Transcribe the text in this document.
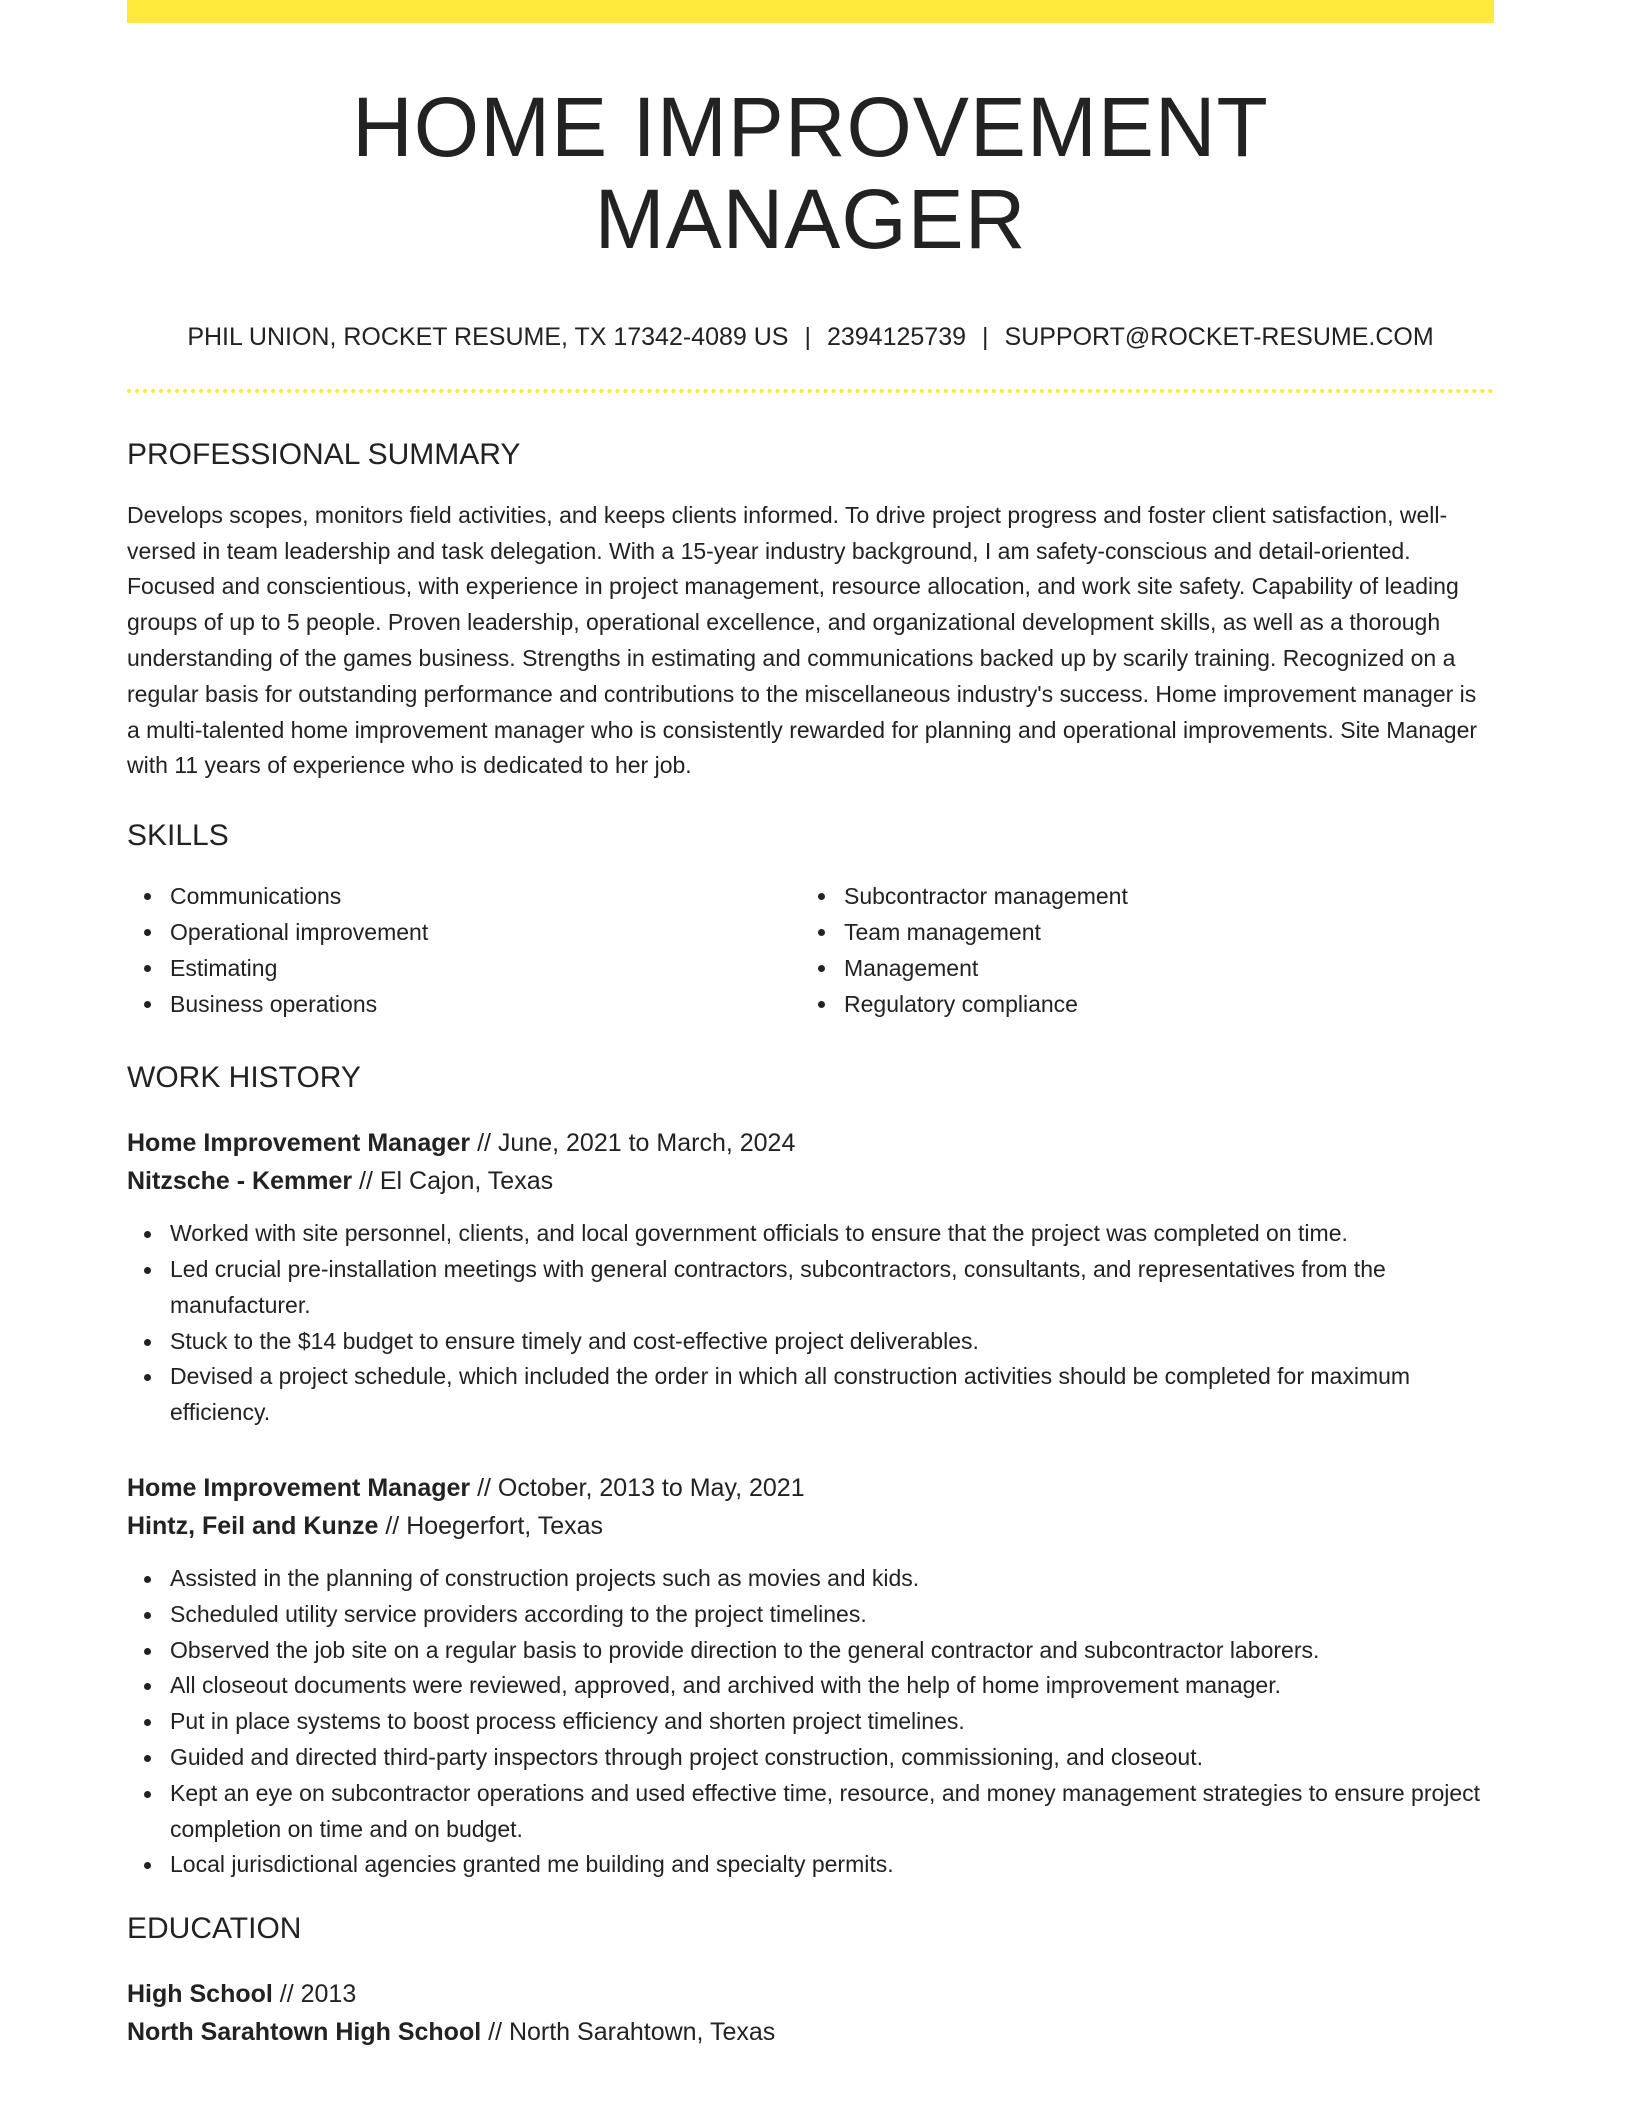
HOME IMPROVEMENT MANAGER
PHIL UNION, ROCKET RESUME, TX 17342-4089 US | 2394125739 | SUPPORT@ROCKET-RESUME.COM
PROFESSIONAL SUMMARY
Develops scopes, monitors field activities, and keeps clients informed. To drive project progress and foster client satisfaction, well-versed in team leadership and task delegation. With a 15-year industry background, I am safety-conscious and detail-oriented. Focused and conscientious, with experience in project management, resource allocation, and work site safety. Capability of leading groups of up to 5 people. Proven leadership, operational excellence, and organizational development skills, as well as a thorough understanding of the games business. Strengths in estimating and communications backed up by scarily training. Recognized on a regular basis for outstanding performance and contributions to the miscellaneous industry's success. Home improvement manager is a multi-talented home improvement manager who is consistently rewarded for planning and operational improvements. Site Manager with 11 years of experience who is dedicated to her job.
SKILLS
Communications
Operational improvement
Estimating
Business operations
Subcontractor management
Team management
Management
Regulatory compliance
WORK HISTORY
Home Improvement Manager // June, 2021 to March, 2024
Nitzsche - Kemmer // El Cajon, Texas
Worked with site personnel, clients, and local government officials to ensure that the project was completed on time.
Led crucial pre-installation meetings with general contractors, subcontractors, consultants, and representatives from the manufacturer.
Stuck to the $14 budget to ensure timely and cost-effective project deliverables.
Devised a project schedule, which included the order in which all construction activities should be completed for maximum efficiency.
Home Improvement Manager // October, 2013 to May, 2021
Hintz, Feil and Kunze // Hoegerfort, Texas
Assisted in the planning of construction projects such as movies and kids.
Scheduled utility service providers according to the project timelines.
Observed the job site on a regular basis to provide direction to the general contractor and subcontractor laborers.
All closeout documents were reviewed, approved, and archived with the help of home improvement manager.
Put in place systems to boost process efficiency and shorten project timelines.
Guided and directed third-party inspectors through project construction, commissioning, and closeout.
Kept an eye on subcontractor operations and used effective time, resource, and money management strategies to ensure project completion on time and on budget.
Local jurisdictional agencies granted me building and specialty permits.
EDUCATION
High School // 2013
North Sarahtown High School // North Sarahtown, Texas
